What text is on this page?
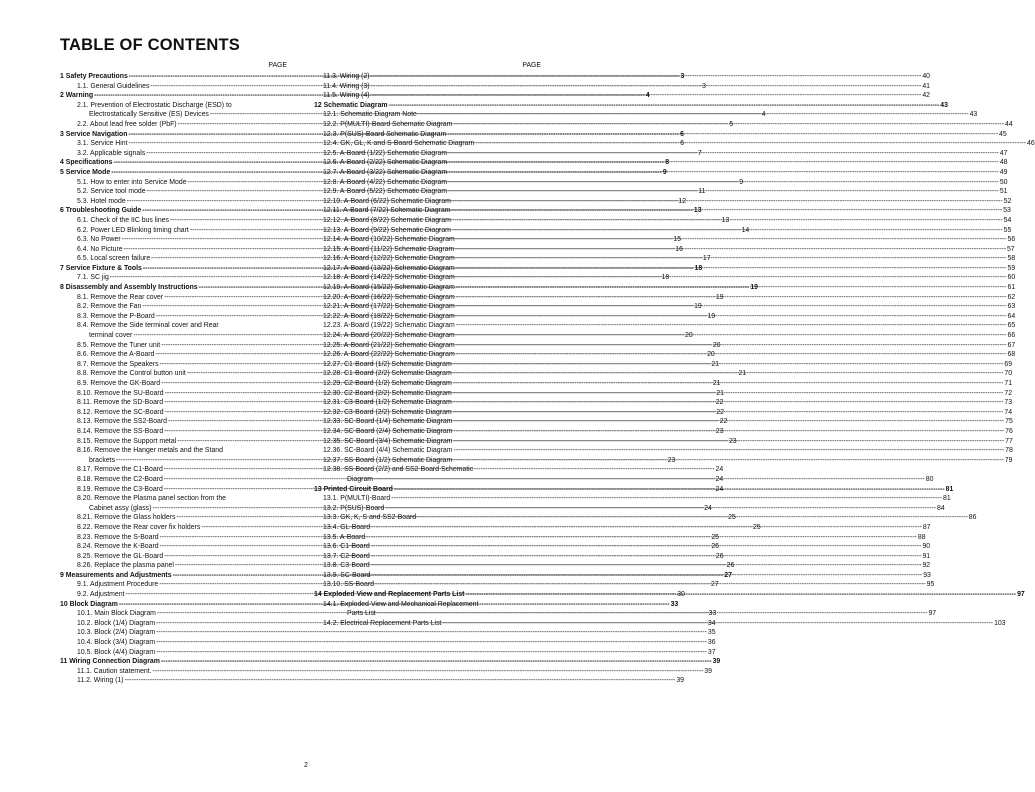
TABLE OF CONTENTS
PAGE
1 Safety Precautions -----	3
1.1. General Guidelines -----	3
2 Warning -----	4
2.1. Prevention of Electrostatic Discharge (ESD) to
Electrostatically Sensitive (ES) Devices -----	4
2.2. About lead free solder (PbF) -----	5
3 Service Navigation -----	6
3.1. Service Hint -----	6
3.2. Applicable signals -----	7
4 Specifications -----	8
5 Service Mode -----	9
5.1. How to enter into Service Mode -----	9
5.2. Service tool mode -----	11
5.3. Hotel mode -----	12
6 Troubleshooting Guide -----	13
6.1. Check of the IIC bus lines -----	13
6.2. Power LED Blinking timing chart -----	14
6.3. No Power -----	15
6.4. No Picture -----	16
6.5. Local screen failure -----	17
7 Service Fixture & Tools -----	18
7.1. SC jig -----	18
8 Disassembly and Assembly Instructions -----	19
8.1. Remove the Rear cover -----	19
8.2. Remove the Fan -----	19
8.3. Remove the P-Board -----	19
8.4. Remove the Side terminal cover and Rear
terminal cover -----	20
8.5. Remove the Tuner unit -----	20
8.6. Remove the A-Board -----	20
8.7. Remove the Speakers -----	21
8.8. Remove the Control button unit -----	21
8.9. Remove the GK-Board -----	21
8.10. Remove the SU-Board -----	21
8.11. Remove the SD-Board -----	22
8.12. Remove the SC-Board -----	22
8.13. Remove the SS2-Board -----	22
8.14. Remove the SS-Board -----	23
8.15. Remove the Support metal -----	23
8.16. Remove the Hanger metals and the Stand
brackets -----	23
8.17. Remove the C1-Board -----	24
8.18. Remove the C2-Board -----	24
8.19. Remove the C3-Board -----	24
8.20. Remove the Plasma panel section from the
Cabinet assy (glass) -----	24
8.21. Remove the Glass holders -----	25
8.22. Remove the Rear cover fix holders -----	25
8.23. Remove the S-Board -----	25
8.24. Remove the K-Board -----	26
8.25. Remove the GL-Board -----	26
8.26. Replace the plasma panel -----	26
9 Measurements and Adjustments -----	27
9.1. Adjustment Procedure -----	27
9.2. Adjustment -----	30
10 Block Diagram -----	33
10.1. Main Block Diagram -----	33
10.2. Block (1/4) Diagram -----	34
10.3. Block (2/4) Diagram -----	35
10.4. Block (3/4) Diagram -----	36
10.5. Block (4/4) Diagram -----	37
11 Wiring Connection Diagram -----	39
11.1. Caution statement. -----	39
11.2. Wiring (1) -----	39
PAGE
11.3. Wiring (2) -----	40
11.4. Wiring (3) -----	41
11.5. Wiring (4) -----	42
12 Schematic Diagram -----	43
12.1. Schematic Diagram Note -----	43
12.2. P(MULTI)-Board Schematic Diagram -----	44
12.3. P(SUS)-Board Schematic Diagram -----	45
12.4. GK, GL, K and S-Board Schematic Diagram -----	46
12.5. A-Board (1/22) Schematic Diagram -----	47
12.6. A-Board (2/22) Schematic Diagram -----	48
12.7. A-Board (3/22) Schematic Diagram -----	49
12.8. A-Board (4/22) Schematic Diagram -----	50
12.9. A-Board (5/22) Schematic Diagram -----	51
12.10. A-Board (6/22) Schematic Diagram -----	52
12.11. A-Board (7/22) Schematic Diagram -----	53
12.12. A-Board (8/22) Schematic Diagram -----	54
12.13. A-Board (9/22) Schematic Diagram -----	55
12.14. A-Board (10/22) Schematic Diagram -----	56
12.15. A-Board (11/22) Schematic Diagram -----	57
12.16. A-Board (12/22) Schematic Diagram -----	58
12.17. A-Board (13/22) Schematic Diagram -----	59
12.18. A-Board (14/22) Schematic Diagram -----	60
12.19. A-Board (15/22) Schematic Diagram -----	61
12.20. A-Board (16/22) Schematic Diagram -----	62
12.21. A-Board (17/22) Schematic Diagram -----	63
12.22. A-Board (18/22) Schematic Diagram -----	64
12.23. A-Board (19/22) Schematic Diagram -----	65
12.24. A-Board (20/22) Schematic Diagram -----	66
12.25. A-Board (21/22) Schematic Diagram -----	67
12.26. A-Board (22/22) Schematic Diagram -----	68
12.27. C1-Board (1/2) Schematic Diagram -----	69
12.28. C1-Board (2/2) Schematic Diagram -----	70
12.29. C2-Board (1/2) Schematic Diagram -----	71
12.30. C2-Board (2/2) Schematic Diagram -----	72
12.31. C3-Board (1/2) Schematic Diagram -----	73
12.32. C3-Board (2/2) Schematic Diagram -----	74
12.33. SC-Board (1/4) Schematic Diagram -----	75
12.34. SC-Board (2/4) Schematic Diagram -----	76
12.35. SC-Board (3/4) Schematic Diagram -----	77
12.36. SC-Board (4/4) Schematic Diagram -----	78
12.37. SS-Board (1/2) Schematic Diagram -----	79
12.38. SS-Board (2/2) and SS2-Board Schematic
Diagram -----	80
13 Printed Circuit Board -----	81
13.1. P(MULTI)-Board -----	81
13.2. P(SUS)-Board -----	84
13.3. GK, K, S and SS2-Board -----	86
13.4. GL-Board -----	87
13.5. A-Board -----	88
13.6. C1-Board -----	90
13.7. C2-Board -----	91
13.8. C3-Board -----	92
13.9. SC-Board -----	93
13.10. SS-Board -----	95
14 Exploded View and Replacement Parts List -----	97
14.1. Exploded View and Mechanical Replacement
Parts List -----	97
14.2. Electrical Replacement Parts List -----	103
2
